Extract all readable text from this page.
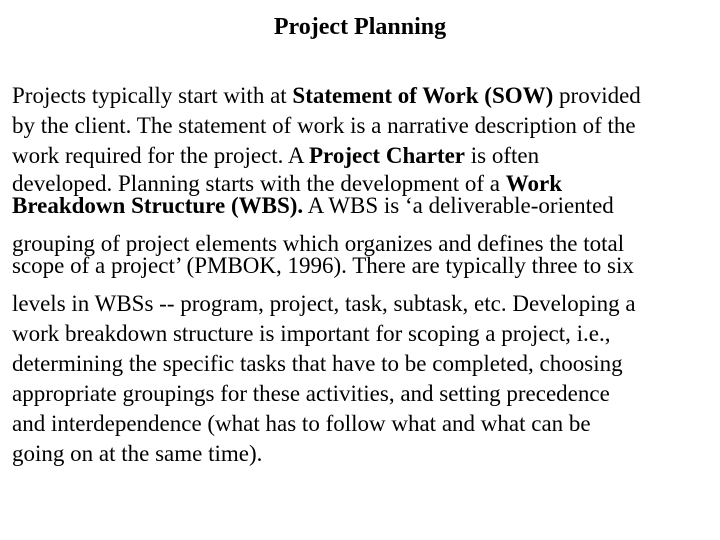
Project Planning
Projects typically start with at Statement of Work (SOW) provided
by the client. The statement of work is a narrative description of the
work required for the project. A Project Charter is often
developed. Planning starts with the development of a Work
Breakdown Structure (WBS). A WBS is ‘a deliverable-oriented
grouping of project elements which organizes and defines the total
scope of a project’ (PMBOK, 1996). There are typically three to six
levels in WBSs -- program, project, task, subtask, etc. Developing a
work breakdown structure is important for scoping a project, i.e.,
determining the specific tasks that have to be completed, choosing
appropriate groupings for these activities, and setting precedence
and interdependence (what has to follow what and what can be
going on at the same time).
